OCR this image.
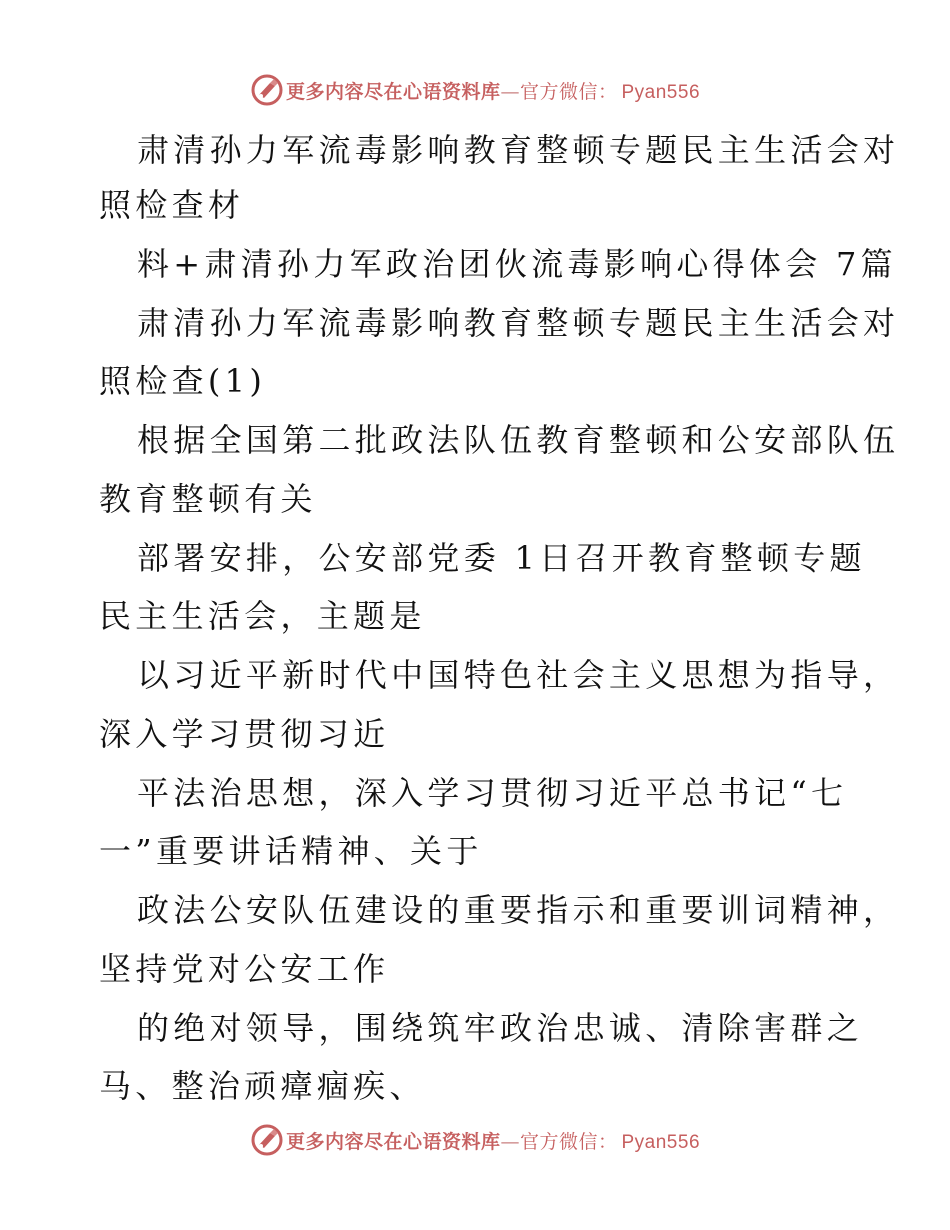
更多内容尽在心语资料库—官方微信： Pyan556
肃清孙力军流毒影响教育整顿专题民主生活会对
照检查材
料+肃清孙力军政治团伙流毒影响心得体会 7篇
肃清孙力军流毒影响教育整顿专题民主生活会对
照检查(1)
根据全国第二批政法队伍教育整顿和公安部队伍
教育整顿有关
部署安排，公安部党委 1日召开教育整顿专题
民主生活会，主题是
以习近平新时代中国特色社会主义思想为指导，
深入学习贯彻习近
平法治思想，深入学习贯彻习近平总书记“七
一”重要讲话精神、关于
政法公安队伍建设的重要指示和重要训词精神，
坚持党对公安工作
的绝对领导，围绕筑牢政治忠诚、清除害群之
马、整治顽瘴痼疾、
更多内容尽在心语资料库—官方微信： Pyan556
